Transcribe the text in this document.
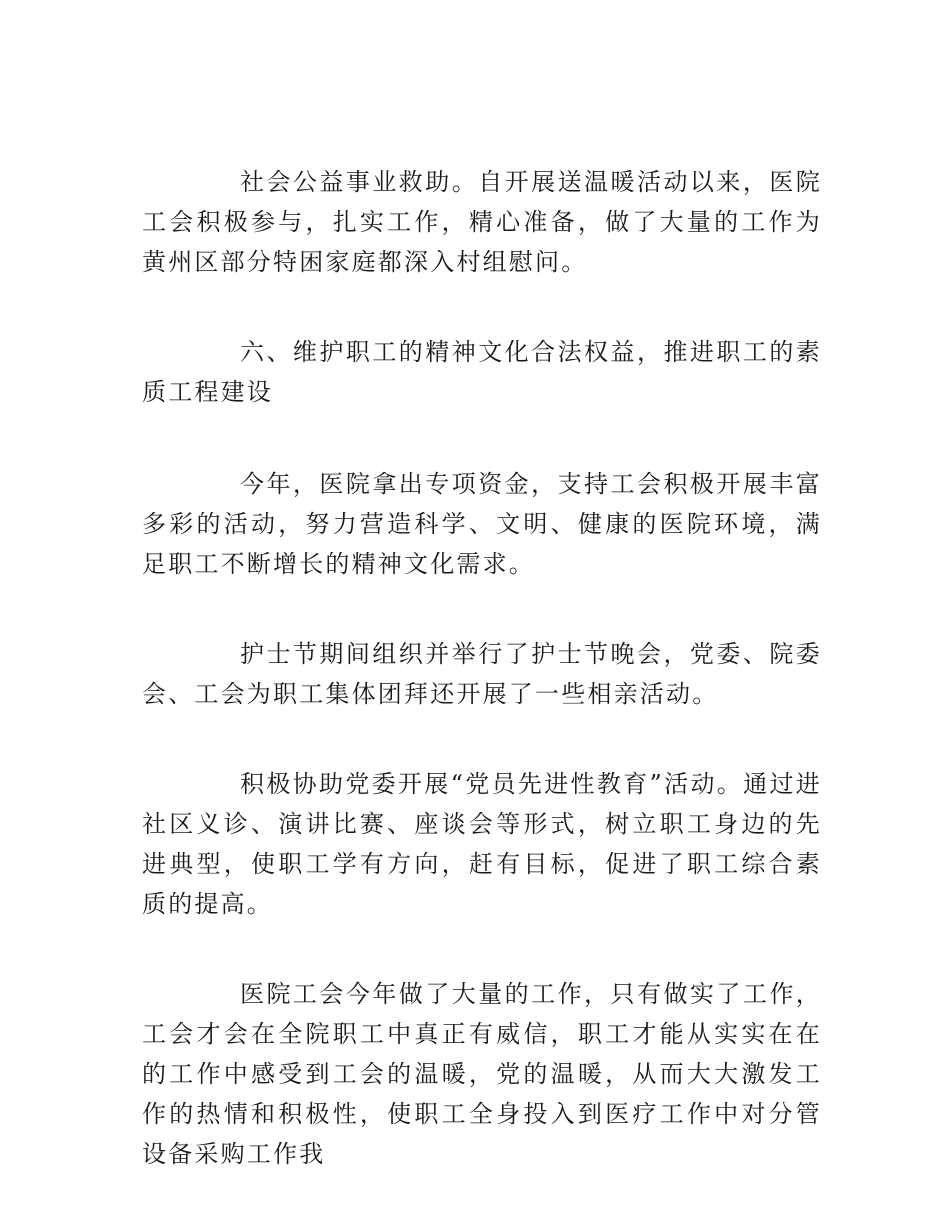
社会公益事业救助。自开展送温暖活动以来，医院工会积极参与，扎实工作，精心准备，做了大量的工作为黄州区部分特困家庭都深入村组慰问。

六、维护职工的精神文化合法权益，推进职工的素质工程建设

今年，医院拿出专项资金，支持工会积极开展丰富多彩的活动，努力营造科学、文明、健康的医院环境，满足职工不断增长的精神文化需求。

护士节期间组织并举行了护士节晚会，党委、院委会、工会为职工集体团拜还开展了一些相亲活动。

积极协助党委开展“党员先进性教育”活动。通过进社区义诊、演讲比赛、座谈会等形式，树立职工身边的先进典型，使职工学有方向，赶有目标，促进了职工综合素质的提高。

医院工会今年做了大量的工作，只有做实了工作，工会才会在全院职工中真正有威信，职工才能从实实在在的工作中感受到工会的温暖，党的温暖，从而大大激发工作的热情和积极性，使职工全身投入到医疗工作中对分管设备采购工作我
